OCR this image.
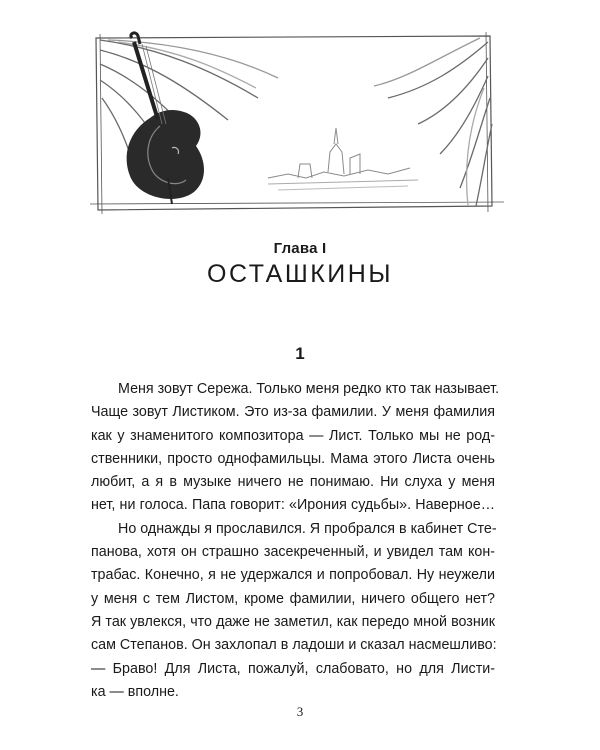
Глава I
ОСТАШКИНЫ
1
Меня зовут Сережа. Только меня редко кто так называет.
Чаще зовут Листиком. Это из-за фамилии. У меня фамилия
как у знаменитого композитора — Лист. Только мы не род-
ственники, просто однофамильцы. Мама этого Листа очень
любит, а я в музыке ничего не понимаю. Ни слуха у меня
нет, ни голоса. Папа говорит: «Ирония судьбы». Наверное…
Но однажды я прославился. Я пробрался в кабинет Сте-
панова, хотя он страшно засекреченный, и увидел там кон-
трабас. Конечно, я не удержался и попробовал. Ну неужели
у меня с тем Листом, кроме фамилии, ничего общего нет?
Я так увлекся, что даже не заметил, как передо мной возник
сам Степанов. Он захлопал в ладоши и сказал насмешливо:
— Браво! Для Листа, пожалуй, слабовато, но для Листи-
ка — вполне.
3
